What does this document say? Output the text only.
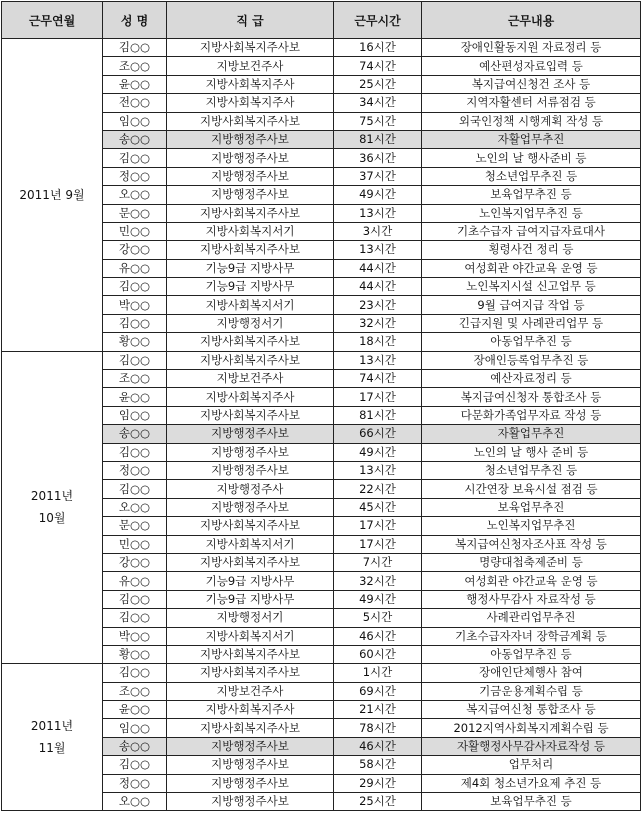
근무연월	성 명	직 급	근무시간	근무내용

2011년 9월	김○○	지방사회복지주사보	16시간	장애인활동지원 자료정리 등
	조○○	지방보건주사	74시간	예산편성자료입력 등
	윤○○	지방사회복지주사	25시간	복지급여신청건 조사 등
	전○○	지방사회복지주사	34시간	지역자활센터 서류점검 등
	임○○	지방사회복지주사보	75시간	외국인정책 시행계획 작성 등
	송○○	지방행정주사보	81시간	자활업무추진
	김○○	지방행정주사보	36시간	노인의 날 행사준비 등
	정○○	지방행정주사보	37시간	청소년업무추진 등
	오○○	지방행정주사보	49시간	보육업무추진 등
	문○○	지방사회복지주사보	13시간	노인복지업무추진 등
	민○○	지방사회복지서기	3시간	기초수급자 급여지급자료대사
	강○○	지방사회복지주사보	13시간	횡령사건 정리 등
	유○○	기능9급 지방사무	44시간	여성회관 야간교육 운영 등
	김○○	기능9급 지방사무	44시간	노인복지시설 신고업무 등
	박○○	지방사회복지서기	23시간	9월 급여지급 작업 등
	김○○	지방행정서기	32시간	긴급지원 및 사례관리업무 등
	황○○	지방사회복지주사보	18시간	아동업무추진 등

2011년
10월	김○○	지방사회복지주사보	13시간	장애인등록업무추진 등
	조○○	지방보건주사	74시간	예산자료정리 등
	윤○○	지방사회복지주사	17시간	복지급여신청자 통합조사 등
	임○○	지방사회복지주사보	81시간	다문화가족업무자료 작성 등
	송○○	지방행정주사보	66시간	자활업무추진
	김○○	지방행정주사보	49시간	노인의 날 행사 준비 등
	정○○	지방행정주사보	13시간	청소년업무추진 등
	김○○	지방행정주사	22시간	시간연장 보육시설 점검 등
	오○○	지방행정주사보	45시간	보육업무추진
	문○○	지방사회복지주사보	17시간	노인복지업무추진
	민○○	지방사회복지서기	17시간	복지급여신청자조사표 작성 등
	강○○	지방사회복지주사보	7시간	명량대첩축제준비 등
	유○○	기능9급 지방사무	32시간	여성회관 야간교육 운영 등
	김○○	기능9급 지방사무	49시간	행정사무감사 자료작성 등
	김○○	지방행정서기	5시간	사례관리업무추진
	박○○	지방사회복지서기	46시간	기초수급자자녀 장학금계획 등
	황○○	지방사회복지주사보	60시간	아동업무추진 등

2011년
11월	김○○	지방사회복지주사보	1시간	장애인단체행사 참여
	조○○	지방보건주사	69시간	기금운용계획수립 등
	윤○○	지방사회복지주사	21시간	복지급여신청 통합조사 등
	임○○	지방사회복지주사보	78시간	2012지역사회복지계획수립 등
	송○○	지방행정주사보	46시간	자활행정사무감사자료작성 등
	김○○	지방행정주사보	58시간	업무처리
	정○○	지방행정주사보	29시간	제4회 청소년가요제 추진 등
	오○○	지방행정주사보	25시간	보육업무추진 등
